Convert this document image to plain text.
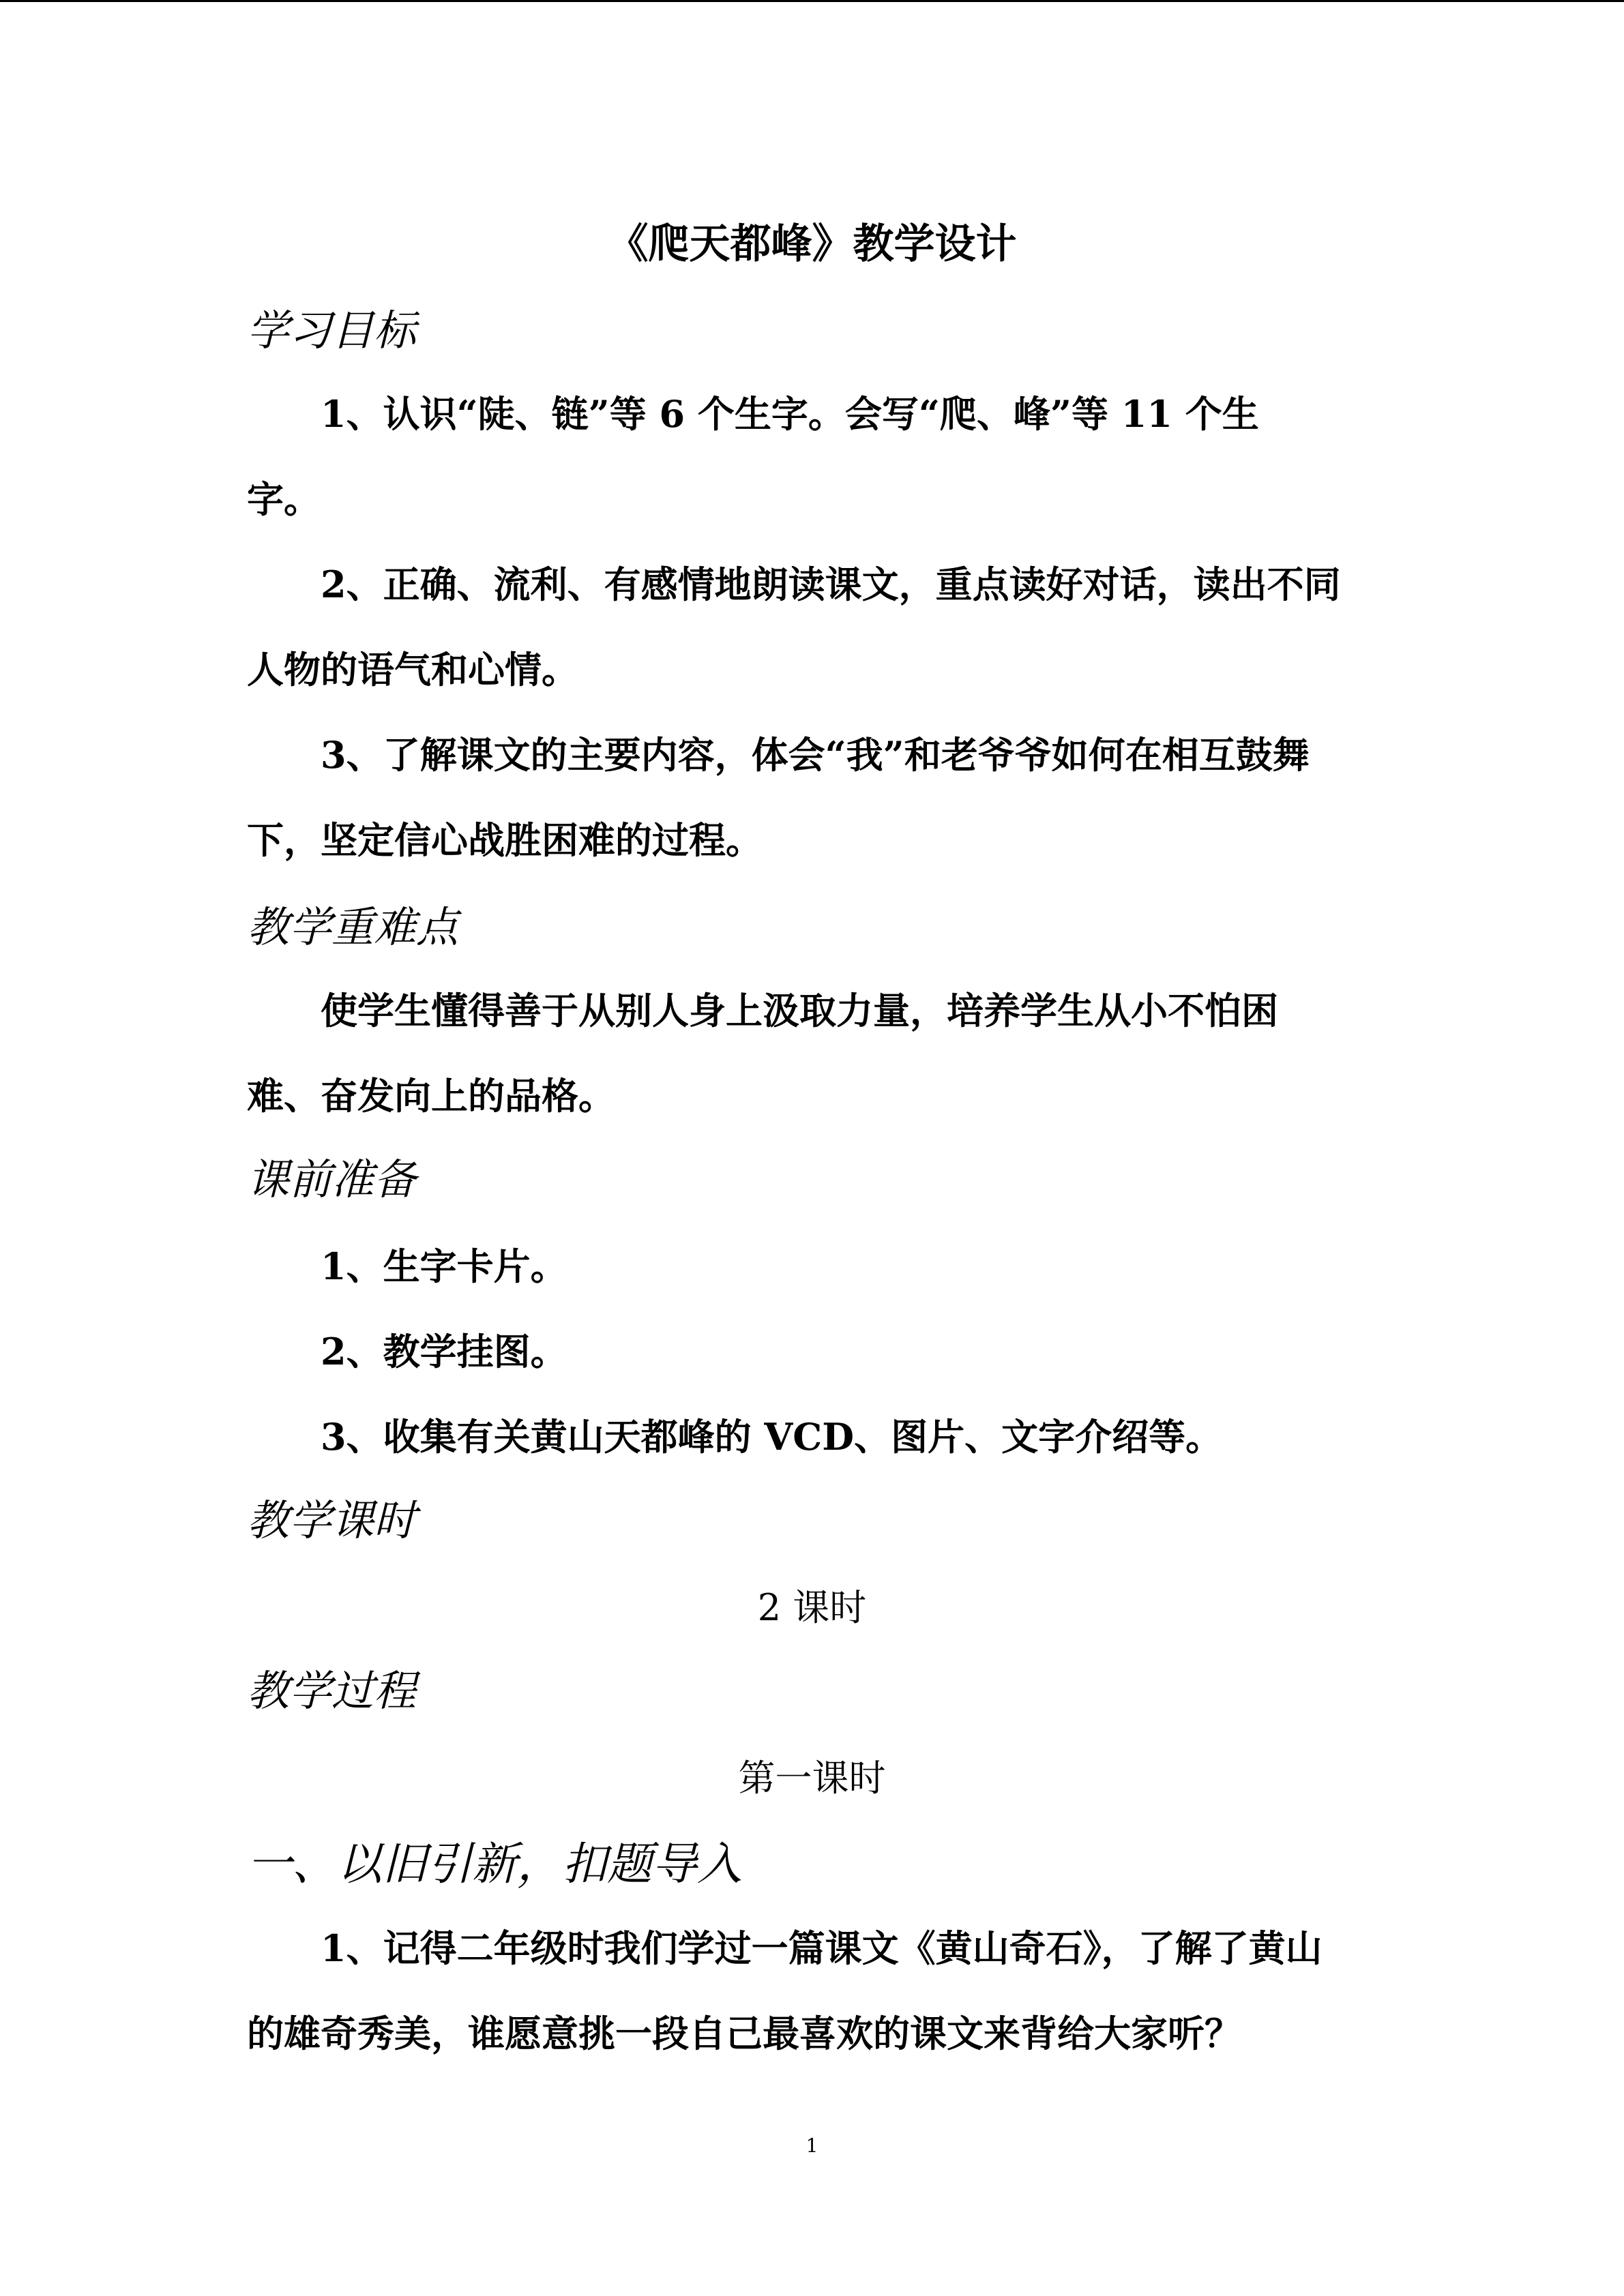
《爬天都峰》教学设计
学习目标
1、认识“陡、链”等 6 个生字。会写“爬、峰”等 11 个生
字。
2、正确、流利、有感情地朗读课文，重点读好对话，读出不同
人物的语气和心情。
3、了解课文的主要内容，体会“我”和老爷爷如何在相互鼓舞
下，坚定信心战胜困难的过程。
教学重难点
使学生懂得善于从别人身上汲取力量，培养学生从小不怕困
难、奋发向上的品格。
课前准备
1、生字卡片。
2、教学挂图。
3、收集有关黄山天都峰的 VCD、图片、文字介绍等。
教学课时
2 课时
教学过程
第一课时
一、以旧引新，扣题导入
1、记得二年级时我们学过一篇课文《黄山奇石》，了解了黄山
的雄奇秀美，谁愿意挑一段自己最喜欢的课文来背给大家听？
1
